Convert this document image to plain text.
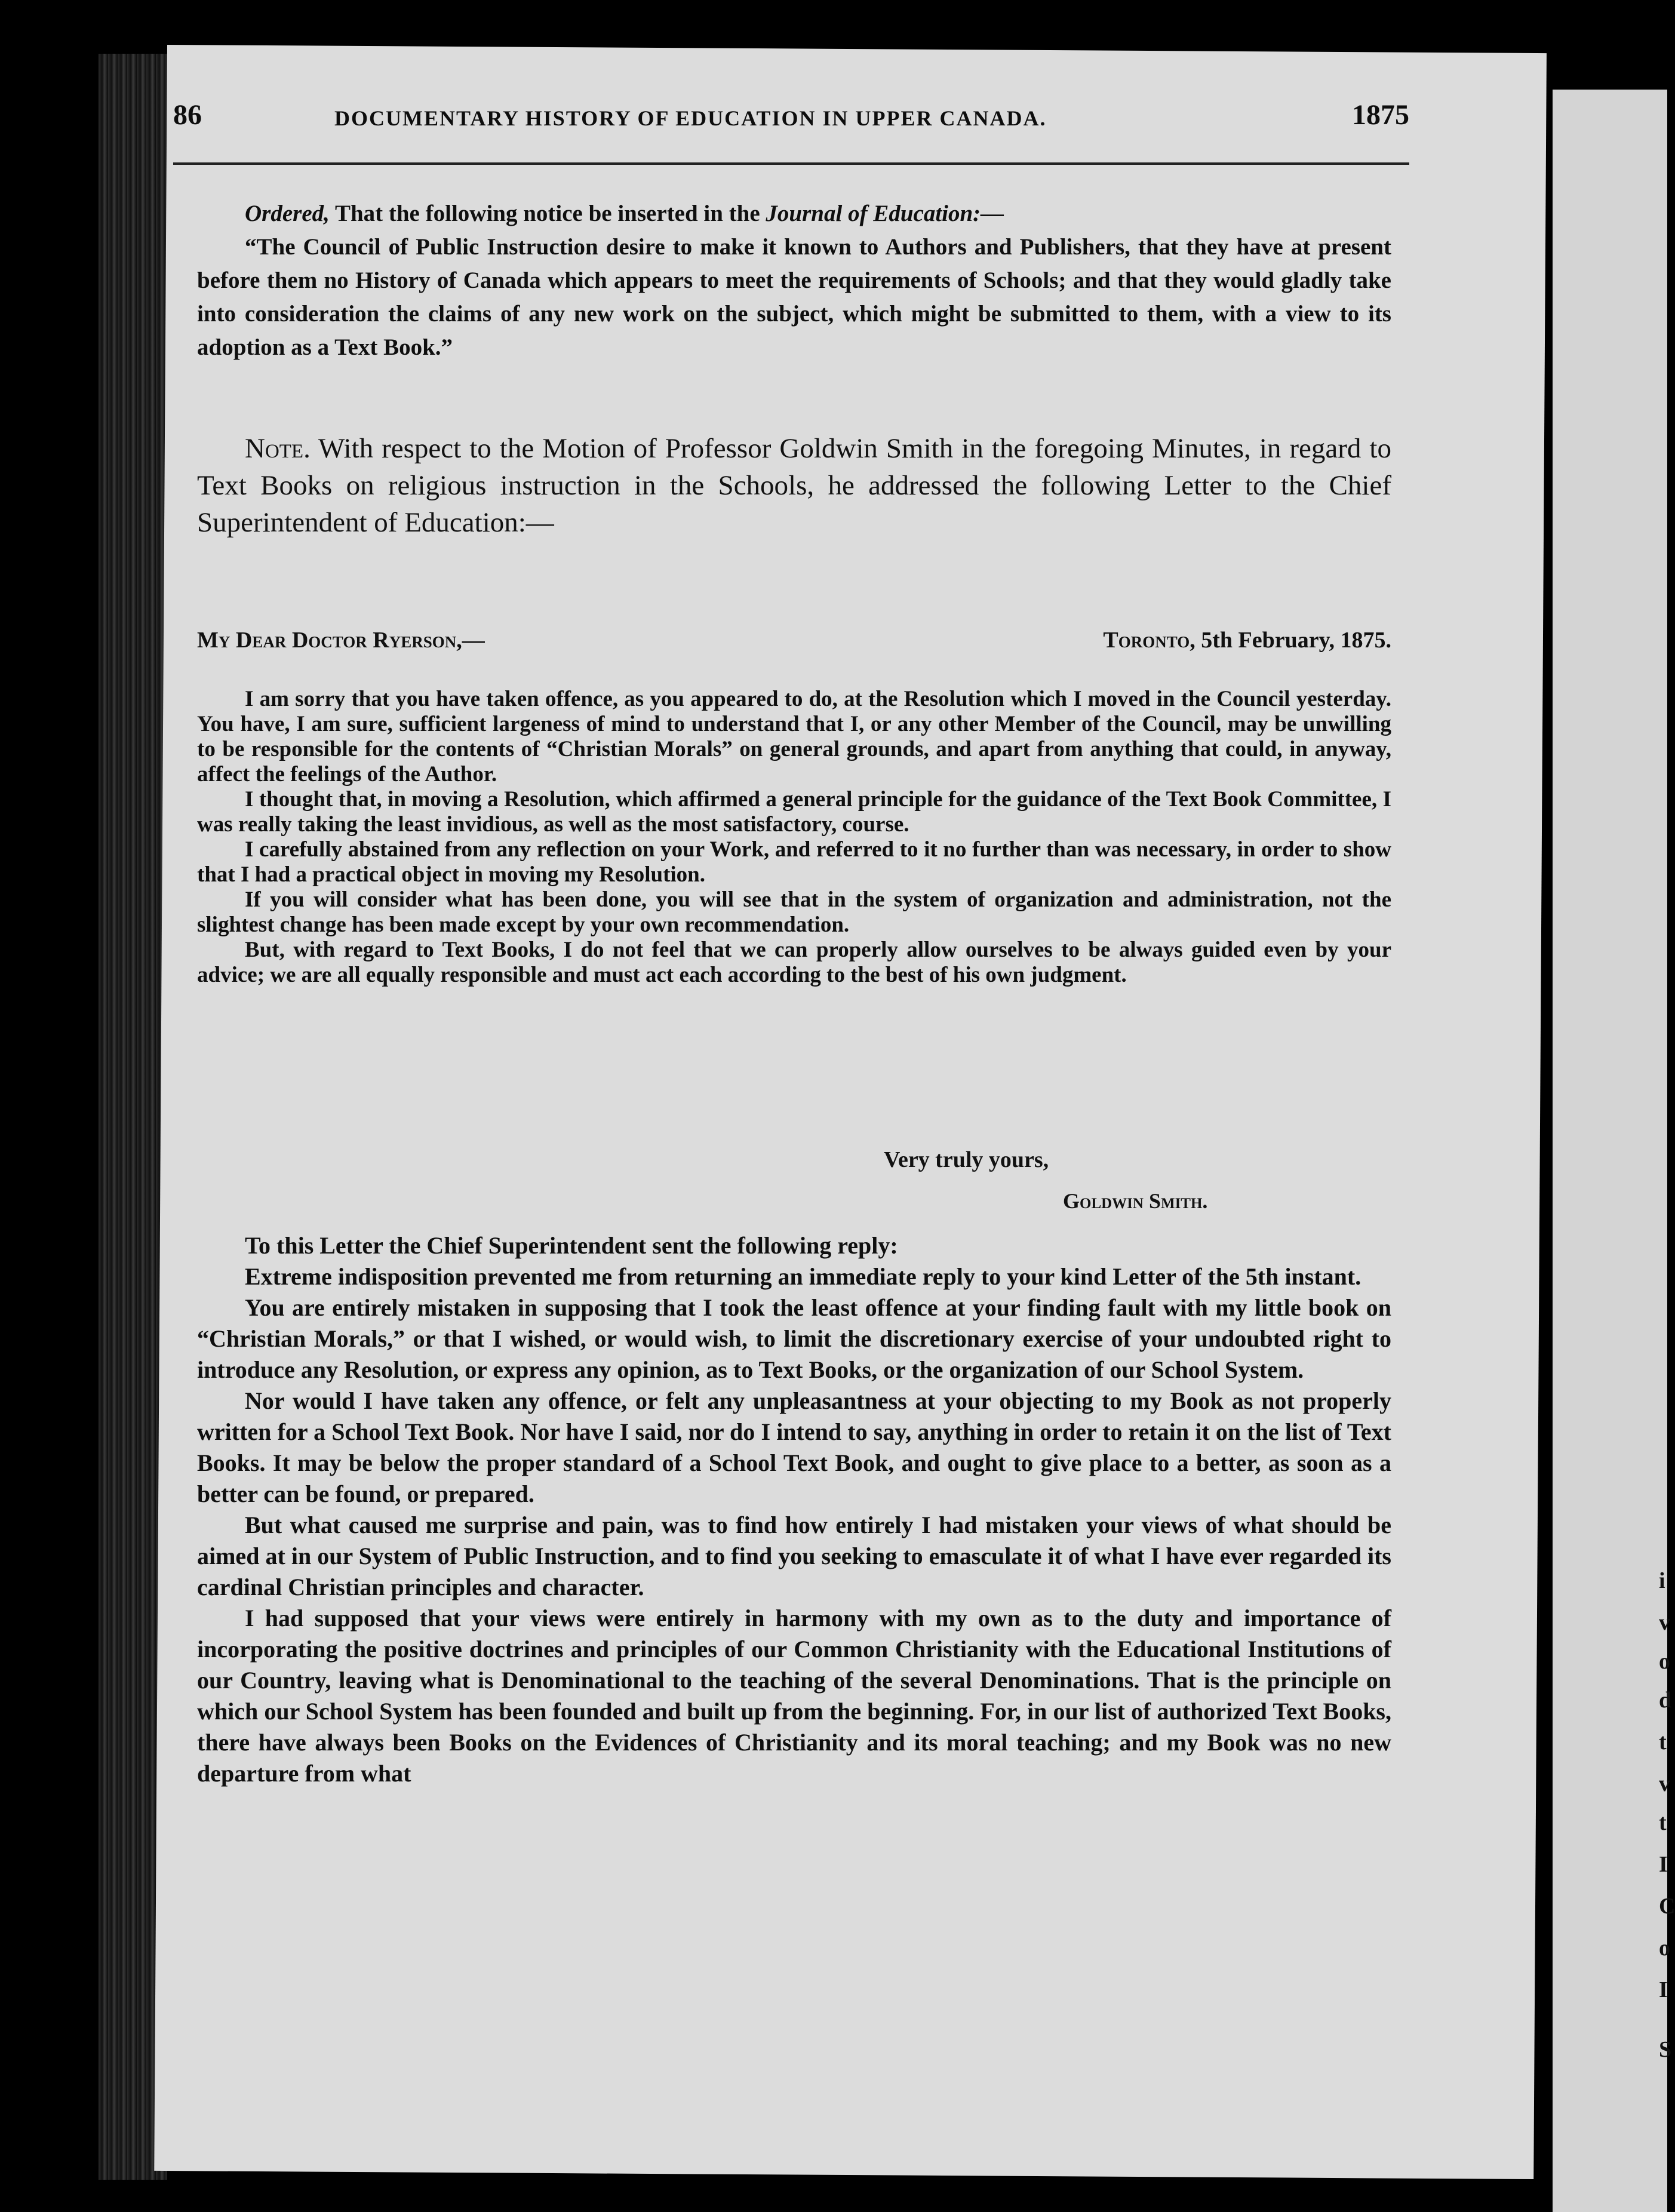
i
v
o
d
t
v
t
I
C
o
I
S
86	DOCUMENTARY HISTORY OF EDUCATION IN UPPER CANADA.	1875

Ordered, That the following notice be inserted in the Journal of Education:—

“The Council of Public Instruction desire to make it known to Authors and Publishers, that they have at present before them no History of Canada which appears to meet the requirements of Schools; and that they would gladly take into consideration the claims of any new work on the subject, which might be submitted to them, with a view to its adoption as a Text Book.”

Note. With respect to the Motion of Professor Goldwin Smith in the foregoing Minutes, in regard to Text Books on religious instruction in the Schools, he addressed the following Letter to the Chief Superintendent of Education:—

My Dear Doctor Ryerson,—	Toronto, 5th February, 1875.

I am sorry that you have taken offence, as you appeared to do, at the Resolution which I moved in the Council yesterday. You have, I am sure, sufficient largeness of mind to understand that I, or any other Member of the Council, may be unwilling to be responsible for the contents of “Christian Morals” on general grounds, and apart from anything that could, in anyway, affect the feelings of the Author.

I thought that, in moving a Resolution, which affirmed a general principle for the guidance of the Text Book Committee, I was really taking the least invidious, as well as the most satisfactory, course.

I carefully abstained from any reflection on your Work, and referred to it no further than was necessary, in order to show that I had a practical object in moving my Resolution.

If you will consider what has been done, you will see that in the system of organization and administration, not the slightest change has been made except by your own recommendation.

But, with regard to Text Books, I do not feel that we can properly allow ourselves to be always guided even by your advice; we are all equally responsible and must act each according to the best of his own judgment.

Very truly yours,
Goldwin Smith.

To this Letter the Chief Superintendent sent the following reply:

Extreme indisposition prevented me from returning an immediate reply to your kind Letter of the 5th instant.

You are entirely mistaken in supposing that I took the least offence at your finding fault with my little book on “Christian Morals,” or that I wished, or would wish, to limit the discretionary exercise of your undoubted right to introduce any Resolution, or express any opinion, as to Text Books, or the organization of our School System.

Nor would I have taken any offence, or felt any unpleasantness at your objecting to my Book as not properly written for a School Text Book. Nor have I said, nor do I intend to say, anything in order to retain it on the list of Text Books. It may be below the proper standard of a School Text Book, and ought to give place to a better, as soon as a better can be found, or prepared.

But what caused me surprise and pain, was to find how entirely I had mistaken your views of what should be aimed at in our System of Public Instruction, and to find you seeking to emasculate it of what I have ever regarded its cardinal Christian principles and character.

I had supposed that your views were entirely in harmony with my own as to the duty and importance of incorporating the positive doctrines and principles of our Common Christianity with the Educational Institutions of our Country, leaving what is Denominational to the teaching of the several Denominations. That is the principle on which our School System has been founded and built up from the beginning. For, in our list of authorized Text Books, there have always been Books on the Evidences of Christianity and its moral teaching; and my Book was no new departure from what
